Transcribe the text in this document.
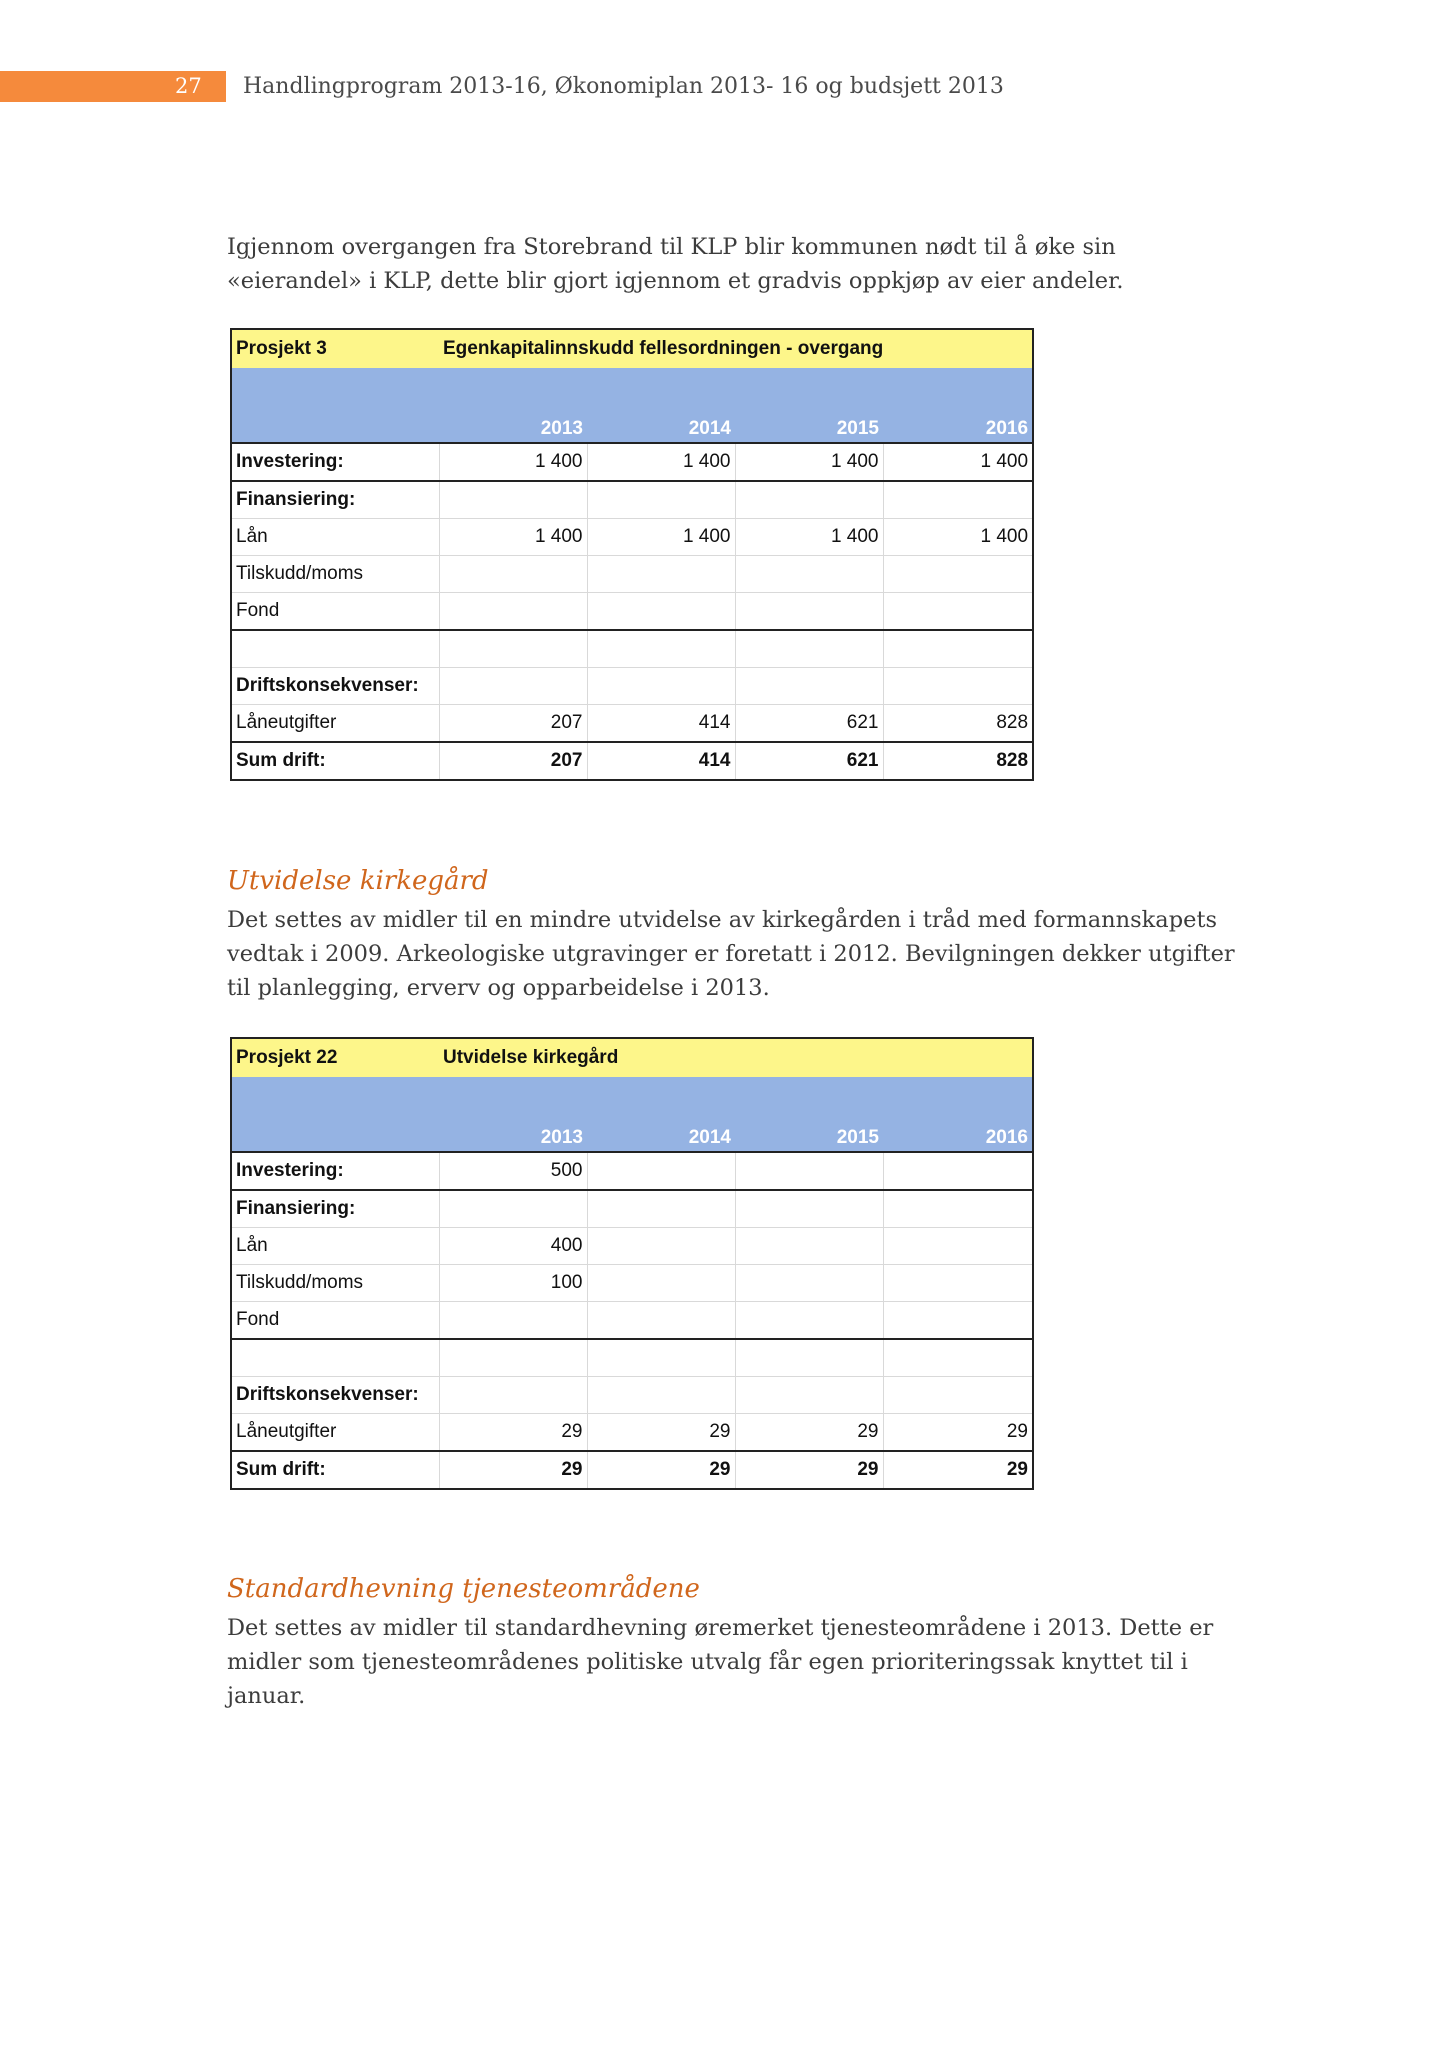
27 Handlingprogram 2013-16, Økonomiplan 2013- 16 og budsjett 2013

Igjennom overgangen fra Storebrand til KLP blir kommunen nødt til å øke sin
«eierandel» i KLP, dette blir gjort igjennom et gradvis oppkjøp av eier andeler.

Prosjekt 3	Egenkapitalinnskudd fellesordningen - overgang			
	2013	2014	2015	2016
Investering:	1 400	1 400	1 400	1 400
Finansiering:				
Lån	1 400	1 400	1 400	1 400
Tilskudd/moms				
Fond				

Driftskonsekvenser:				
Låneutgifter	207	414	621	828
Sum drift:	207	414	621	828
Utvidelse kirkegård

Det settes av midler til en mindre utvidelse av kirkegården i tråd med formannskapets
vedtak i 2009. Arkeologiske utgravinger er foretatt i 2012. Bevilgningen dekker utgifter
til planlegging, erverv og opparbeidelse i 2013.

Prosjekt 22	Utvidelse kirkegård			
	2013	2014	2015	2016
Investering:	500			
Finansiering:				
Lån	400			
Tilskudd/moms	100			
Fond				

Driftskonsekvenser:				
Låneutgifter	29	29	29	29
Sum drift:	29	29	29	29
Standardhevning tjenesteområdene

Det settes av midler til standardhevning øremerket tjenesteområdene i 2013. Dette er
midler som tjenesteområdenes politiske utvalg får egen prioriteringssak knyttet til i
januar.
